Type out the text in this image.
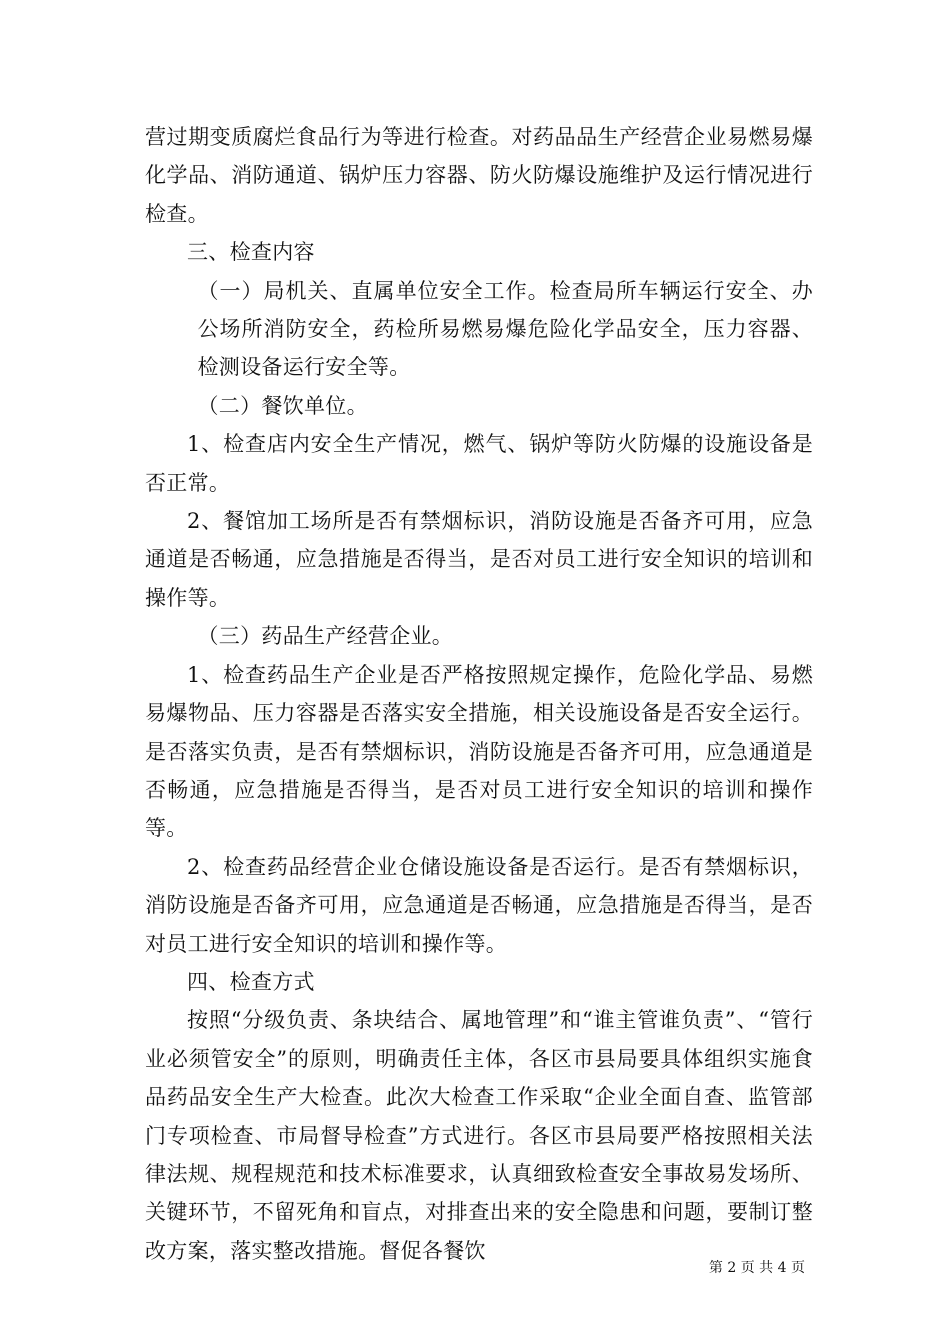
营过期变质腐烂食品行为等进行检查。对药品品生产经营企业易燃易爆化学品、消防通道、锅炉压力容器、防火防爆设施维护及运行情况进行检查。

三、检查内容

（一）局机关、直属单位安全工作。检查局所车辆运行安全、办公场所消防安全，药检所易燃易爆危险化学品安全，压力容器、检测设备运行安全等。

（二）餐饮单位。

1、检查店内安全生产情况，燃气、锅炉等防火防爆的设施设备是否正常。

2、餐馆加工场所是否有禁烟标识，消防设施是否备齐可用，应急通道是否畅通，应急措施是否得当，是否对员工进行安全知识的培训和操作等。

（三）药品生产经营企业。

1、检查药品生产企业是否严格按照规定操作，危险化学品、易燃易爆物品、压力容器是否落实安全措施，相关设施设备是否安全运行。是否落实负责，是否有禁烟标识，消防设施是否备齐可用，应急通道是否畅通，应急措施是否得当，是否对员工进行安全知识的培训和操作等。

2、检查药品经营企业仓储设施设备是否运行。是否有禁烟标识，消防设施是否备齐可用，应急通道是否畅通，应急措施是否得当，是否对员工进行安全知识的培训和操作等。

四、检查方式

按照“分级负责、条块结合、属地管理”和“谁主管谁负责”、“管行业必须管安全”的原则，明确责任主体，各区市县局要具体组织实施食品药品安全生产大检查。此次大检查工作采取“企业全面自查、监管部门专项检查、市局督导检查”方式进行。各区市县局要严格按照相关法律法规、规程规范和技术标准要求，认真细致检查安全事故易发场所、关键环节，不留死角和盲点，对排查出来的安全隐患和问题，要制订整改方案，落实整改措施。督促各餐饮

第 2 页 共 4 页
